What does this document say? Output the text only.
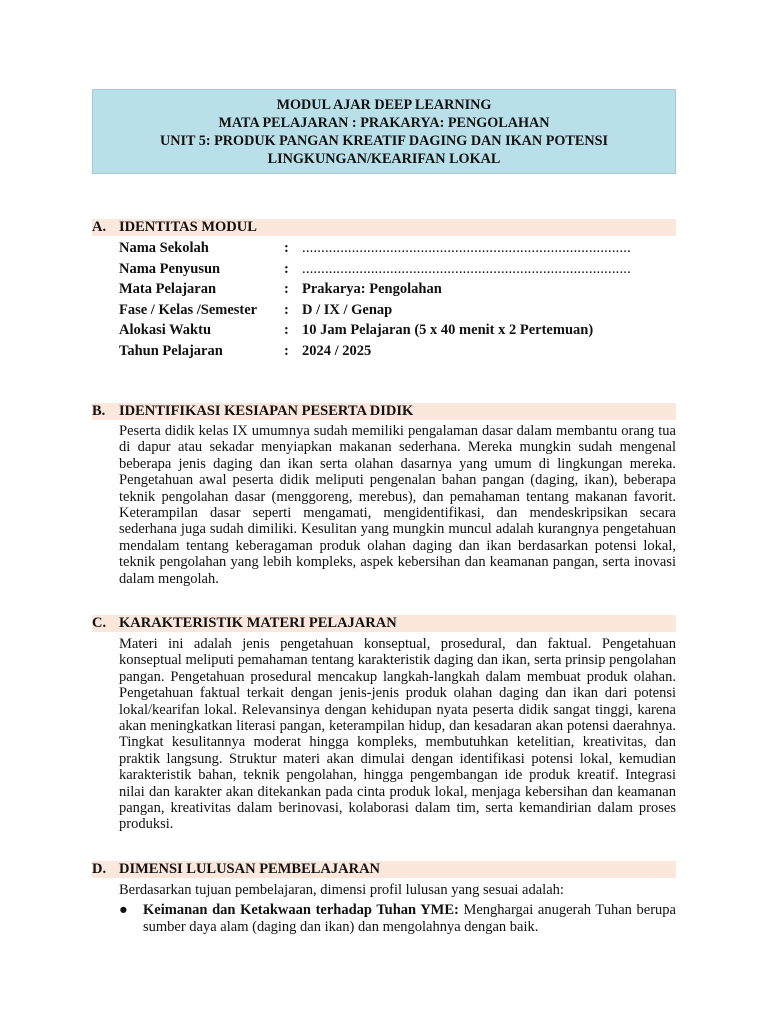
MODUL AJAR DEEP LEARNING
MATA PELAJARAN : PRAKARYA: PENGOLAHAN
UNIT 5: PRODUK PANGAN KREATIF DAGING DAN IKAN POTENSI
LINGKUNGAN/KEARIFAN LOKAL
A. IDENTITAS MODUL
Nama Sekolah	: ......................................................................................
Nama Penyusun	: ......................................................................................
Mata Pelajaran	: Prakarya: Pengolahan
Fase / Kelas /Semester : D / IX / Genap
Alokasi Waktu	: 10 Jam Pelajaran (5 x 40 menit x 2 Pertemuan)
Tahun Pelajaran	: 2024 / 2025
B. IDENTIFIKASI KESIAPAN PESERTA DIDIK

Peserta didik kelas IX umumnya sudah memiliki pengalaman dasar dalam membantu orang tua di dapur atau sekadar menyiapkan makanan sederhana. Mereka mungkin sudah mengenal beberapa jenis daging dan ikan serta olahan dasarnya yang umum di lingkungan mereka. Pengetahuan awal peserta didik meliputi pengenalan bahan pangan (daging, ikan), beberapa teknik pengolahan dasar (menggoreng, merebus), dan pemahaman tentang makanan favorit. Keterampilan dasar seperti mengamati, mengidentifikasi, dan mendeskripsikan secara sederhana juga sudah dimiliki. Kesulitan yang mungkin muncul adalah kurangnya pengetahuan mendalam tentang keberagaman produk olahan daging dan ikan berdasarkan potensi lokal, teknik pengolahan yang lebih kompleks, aspek kebersihan dan keamanan pangan, serta inovasi dalam mengolah.

C. KARAKTERISTIK MATERI PELAJARAN

Materi ini adalah jenis pengetahuan konseptual, prosedural, dan faktual. Pengetahuan konseptual meliputi pemahaman tentang karakteristik daging dan ikan, serta prinsip pengolahan pangan. Pengetahuan prosedural mencakup langkah-langkah dalam membuat produk olahan. Pengetahuan faktual terkait dengan jenis-jenis produk olahan daging dan ikan dari potensi lokal/kearifan lokal. Relevansinya dengan kehidupan nyata peserta didik sangat tinggi, karena akan meningkatkan literasi pangan, keterampilan hidup, dan kesadaran akan potensi daerahnya. Tingkat kesulitannya moderat hingga kompleks, membutuhkan ketelitian, kreativitas, dan praktik langsung. Struktur materi akan dimulai dengan identifikasi potensi lokal, kemudian karakteristik bahan, teknik pengolahan, hingga pengembangan ide produk kreatif. Integrasi nilai dan karakter akan ditekankan pada cinta produk lokal, menjaga kebersihan dan keamanan pangan, kreativitas dalam berinovasi, kolaborasi dalam tim, serta kemandirian dalam proses produksi.

D. DIMENSI LULUSAN PEMBELAJARAN

Berdasarkan tujuan pembelajaran, dimensi profil lulusan yang sesuai adalah:

● Keimanan dan Ketakwaan terhadap Tuhan YME: Menghargai anugerah Tuhan berupa sumber daya alam (daging dan ikan) dan mengolahnya dengan baik.
